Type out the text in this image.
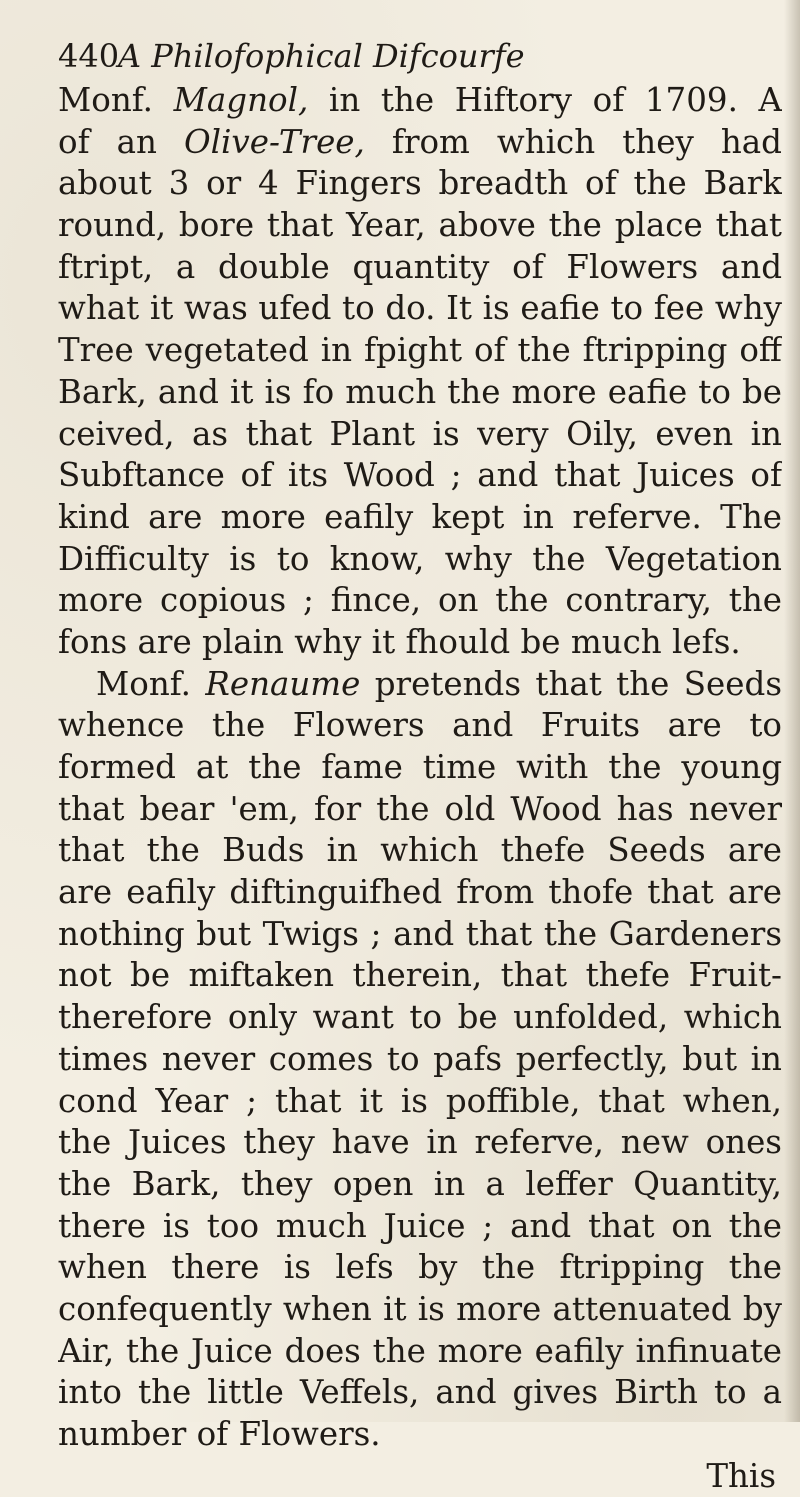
440
A Philofophical Difcourfe
Monf. Magnol, in the Hiftory of 1709. A
of an Olive-Tree, from which they had
about 3 or 4 Fingers breadth of the Bark
round, bore that Year, above the place that
ftript, a double quantity of Flowers and
what it was ufed to do. It is eafie to fee why
Tree vegetated in fpight of the ftripping off
Bark, and it is fo much the more eafie to be
ceived, as that Plant is very Oily, even in
Subftance of its Wood ; and that Juices of
kind are more eafily kept in referve. The
Difficulty is to know, why the Vegetation
more copious ; fince, on the contrary, the
fons are plain why it fhould be much lefs.
Monf. Renaume pretends that the Seeds
whence the Flowers and Fruits are to
formed at the fame time with the young
that bear 'em, for the old Wood has never
that the Buds in which thefe Seeds are
are eafily diftinguifhed from thofe that are
nothing but Twigs ; and that the Gardeners
not be miftaken therein, that thefe Fruit-
therefore only want to be unfolded, which
times never comes to pafs perfectly, but in
cond Year ; that it is poffible, that when,
the Juices they have in referve, new ones
the Bark, they open in a leffer Quantity,
there is too much Juice ; and that on the
when there is lefs by the ftripping the
confequently when it is more attenuated by
Air, the Juice does the more eafily infinuate
into the little Veffels, and gives Birth to a
number of Flowers.
This
